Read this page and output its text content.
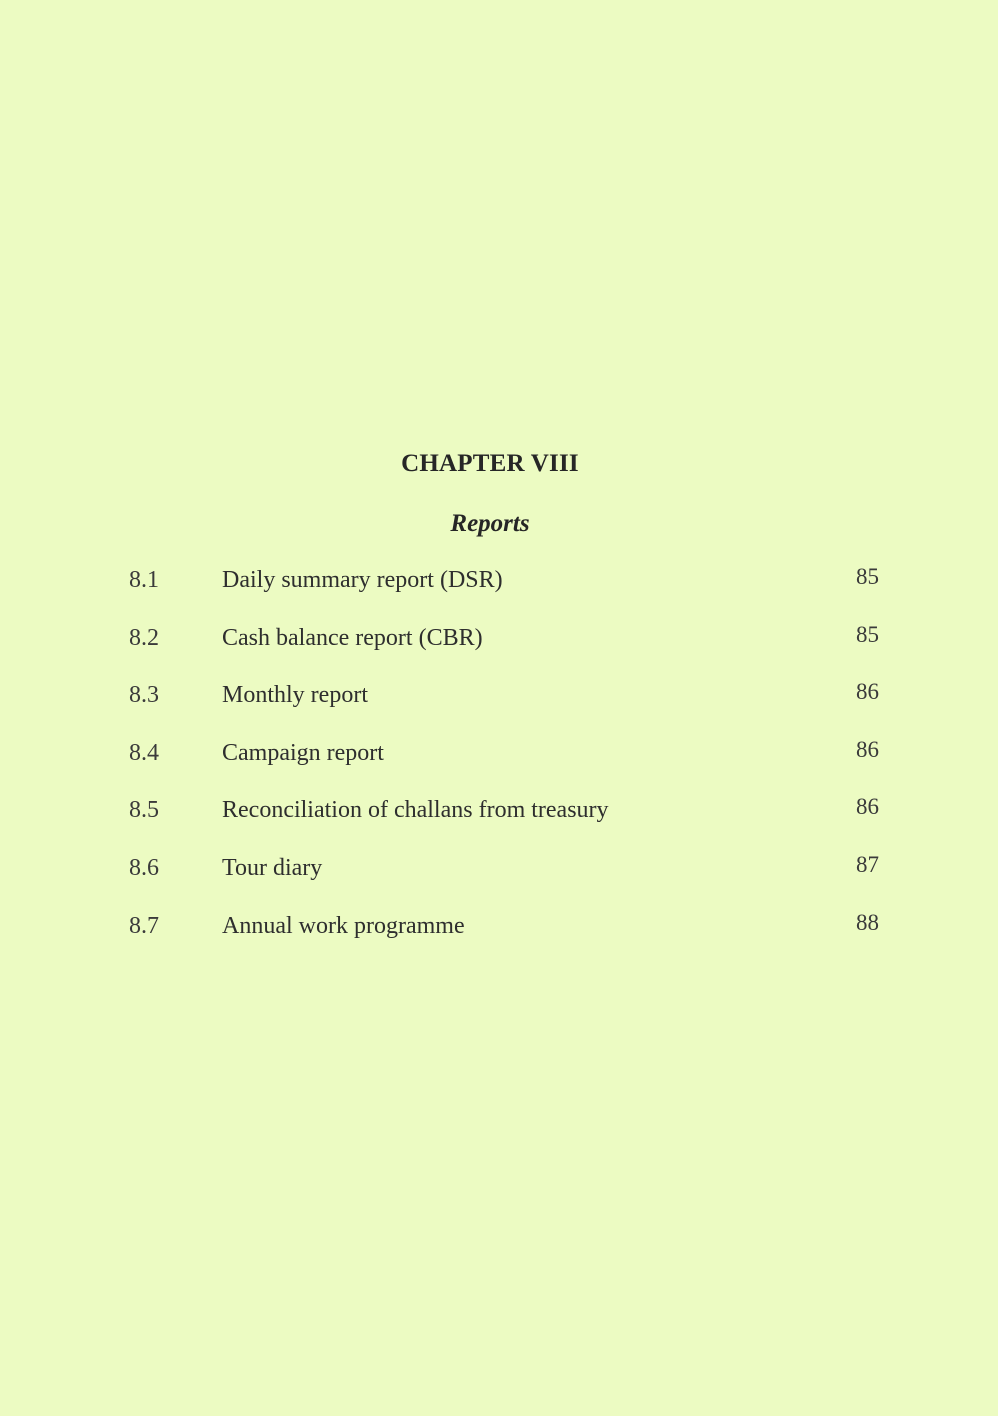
CHAPTER VIII
Reports
8.1	Daily summary report (DSR)	85
8.2	Cash balance report (CBR)	85
8.3	Monthly report	86
8.4	Campaign report	86
8.5	Reconciliation of challans from treasury	86
8.6	Tour diary	87
8.7	Annual work programme	88
